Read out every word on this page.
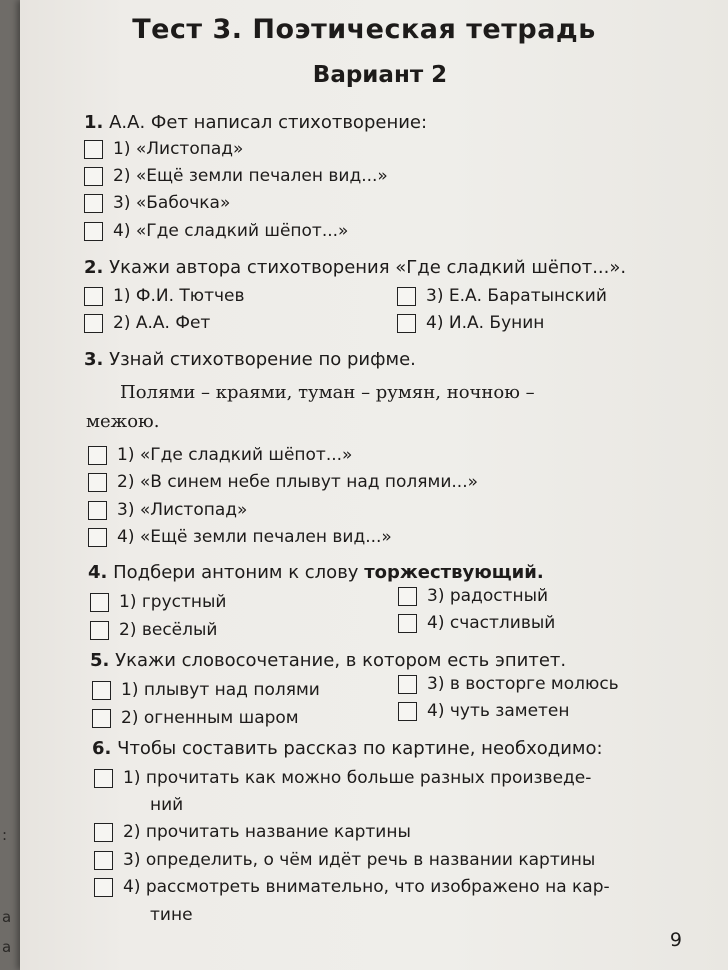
:
а
а
Тест 3. Поэтическая тетрадь
Вариант 2
1. А.А. Фет написал стихотворение:
1) «Листопад»
2) «Ещё земли печален вид...»
3) «Бабочка»
4) «Где сладкий шёпот...»
2. Укажи автора стихотворения «Где сладкий шёпот...».
1) Ф.И. Тютчев
2) А.А. Фет
3) Е.А. Баратынский
4) И.А. Бунин
3. Узнай стихотворение по рифме.
Полями – краями, туман – румян, ночною –
межою.
1) «Где сладкий шёпот...»
2) «В синем небе плывут над полями...»
3) «Листопад»
4) «Ещё земли печален вид...»
4. Подбери антоним к слову торжествующий.
1) грустный
2) весёлый
3) радостный
4) счастливый
5. Укажи словосочетание, в котором есть эпитет.
1) плывут над полями
2) огненным шаром
3) в восторге молюсь
4) чуть заметен
6. Чтобы составить рассказ по картине, необходимо:
1) прочитать как можно больше разных произведе-
ний
2) прочитать название картины
3) определить, о чём идёт речь в названии картины
4) рассмотреть внимательно, что изображено на кар-
тине
9
